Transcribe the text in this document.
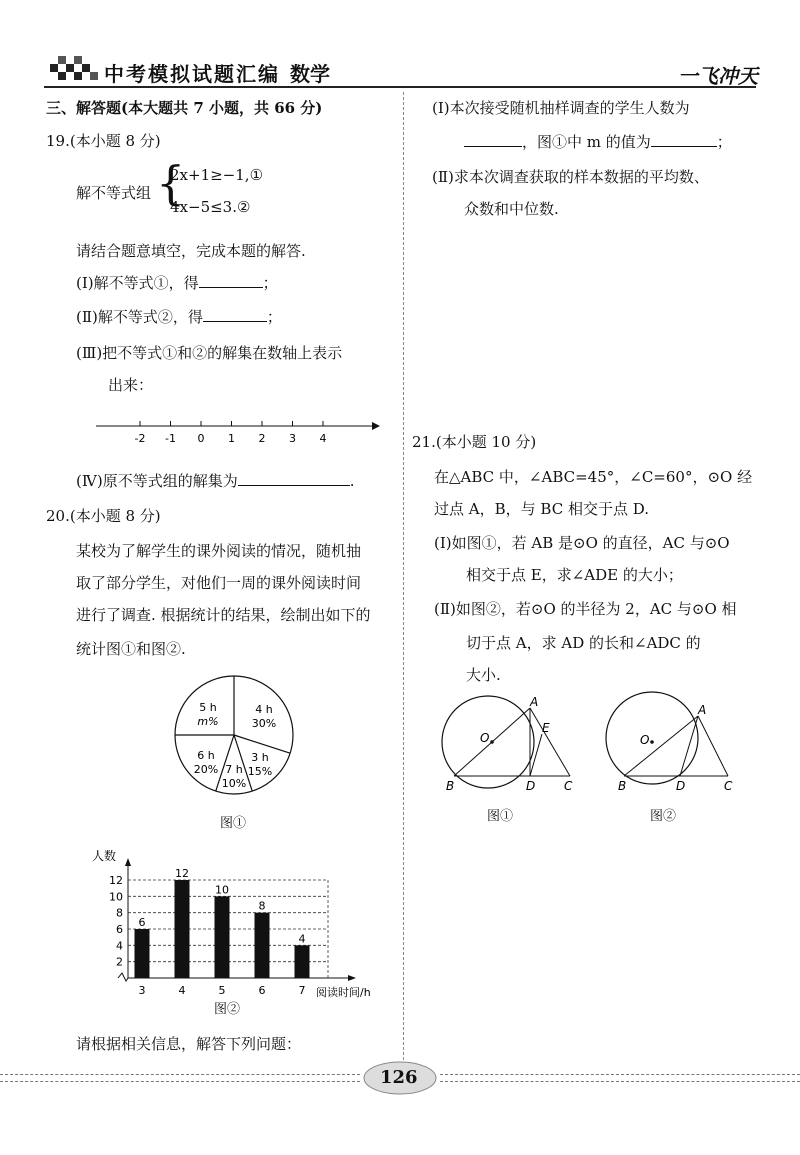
中考模拟试题汇编 数学	一飞冲天
三、解答题(本大题共 7 小题，共 66 分)
19.(本小题 8 分)
解不等式组 {
2x+1≥−1,①
4x−5≤3.②
请结合题意填空，完成本题的解答.
(Ⅰ)解不等式①，得	；
(Ⅱ)解不等式②，得	；
(Ⅲ)把不等式①和②的解集在数轴上表示
出来：
-2 -1 0 1 2 3 4
(Ⅳ)原不等式组的解集为	.
20.(本小题 8 分)
某校为了解学生的课外阅读的情况，随机抽
取了部分学生，对他们一周的课外阅读时间
进行了调查. 根据统计的结果，绘制出如下的
统计图①和图②.
5 h
m%
4 h
30%
6 h
20% 7 h
10%
3 h
15%
图①
2
4
6
8
10
12
6
3
12
4
10
5
8
6
4
7
人数
阅读时间/h
图②
请根据相关信息，解答下列问题：
(Ⅰ)本次接受随机抽样调查的学生人数为
，图①中 m 的值为	；
(Ⅱ)求本次调查获取的样本数据的平均数、
众数和中位数.
21.(本小题 10 分)
在△ABC 中，∠ABC=45°，∠C=60°，⊙O 经
过点 A，B，与 BC 相交于点 D.
(Ⅰ)如图①，若 AB 是⊙O 的直径，AC 与⊙O
相交于点 E，求∠ADE 的大小；
(Ⅱ)如图②，若⊙O 的半径为 2，AC 与⊙O 相
切于点 A，求 AD 的长和∠ADC 的
大小.
O
A
E
B	D C
图①
O
A
B	D	C
图②
126
